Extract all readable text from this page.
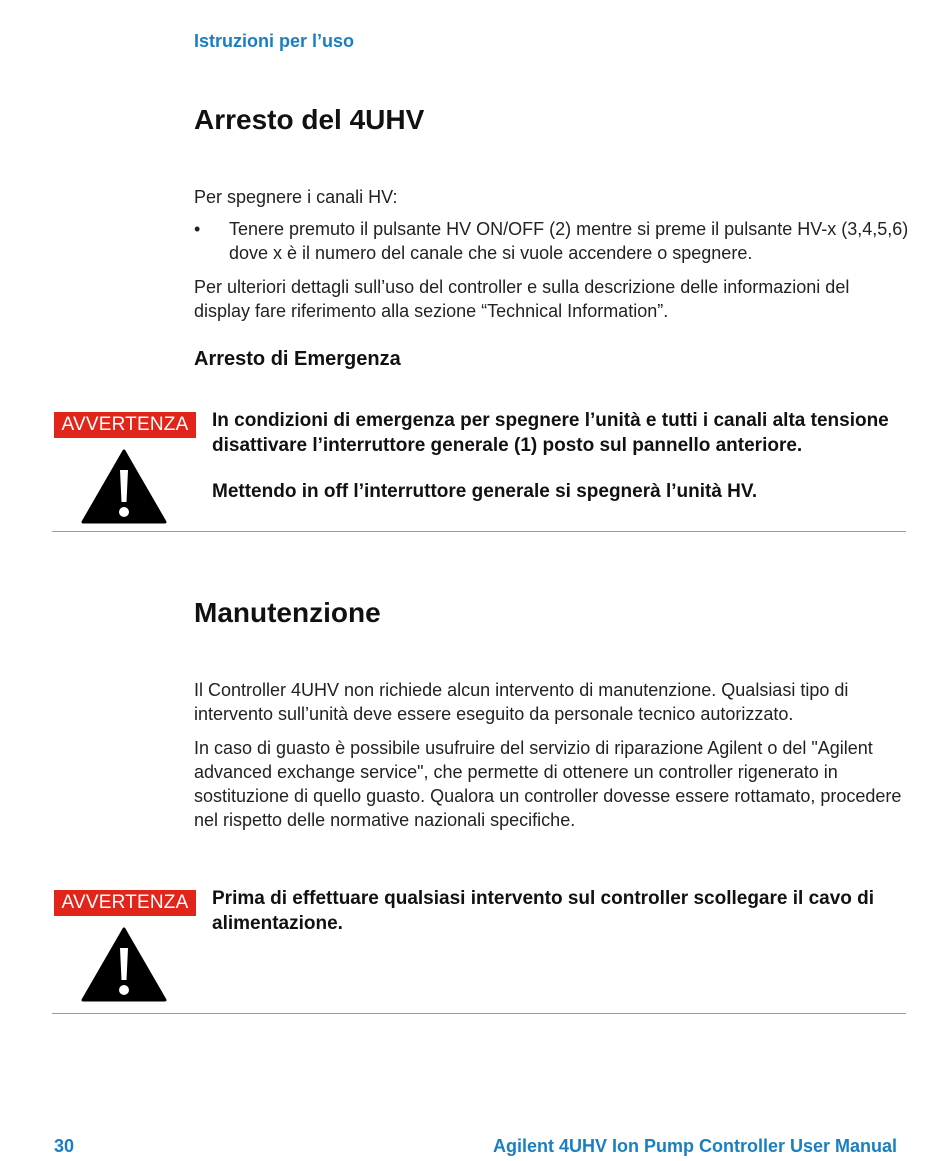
Istruzioni per l’uso
Arresto del 4UHV
Per spegnere i canali HV:
•	Tenere premuto il pulsante HV ON/OFF (2) mentre si preme il pulsante HV-x (3,4,5,6) dove x è il numero del canale che si vuole accendere o spegnere.
Per ulteriori dettagli sull’uso del controller e sulla descrizione delle informazioni del display fare riferimento alla sezione “Technical Information”.
Arresto di Emergenza
AVVERTENZA	In condizioni di emergenza per spegnere l’unità e tutti i canali alta tensione disattivare l’interruttore generale (1) posto sul pannello anteriore.
Mettendo in off l’interruttore generale si spegnerà l’unità HV.
Manutenzione
Il Controller 4UHV non richiede alcun intervento di manutenzione. Qualsiasi tipo di intervento sull’unità deve essere eseguito da personale tecnico autorizzato.
In caso di guasto è possibile usufruire del servizio di riparazione Agilent o del "Agilent advanced exchange service", che permette di ottenere un controller rigenerato in sostituzione di quello guasto. Qualora un controller dovesse essere rottamato, procedere nel rispetto delle normative nazionali specifiche.
AVVERTENZA	Prima di effettuare qualsiasi intervento sul controller scollegare il cavo di alimentazione.
30	Agilent 4UHV Ion Pump Controller User Manual
